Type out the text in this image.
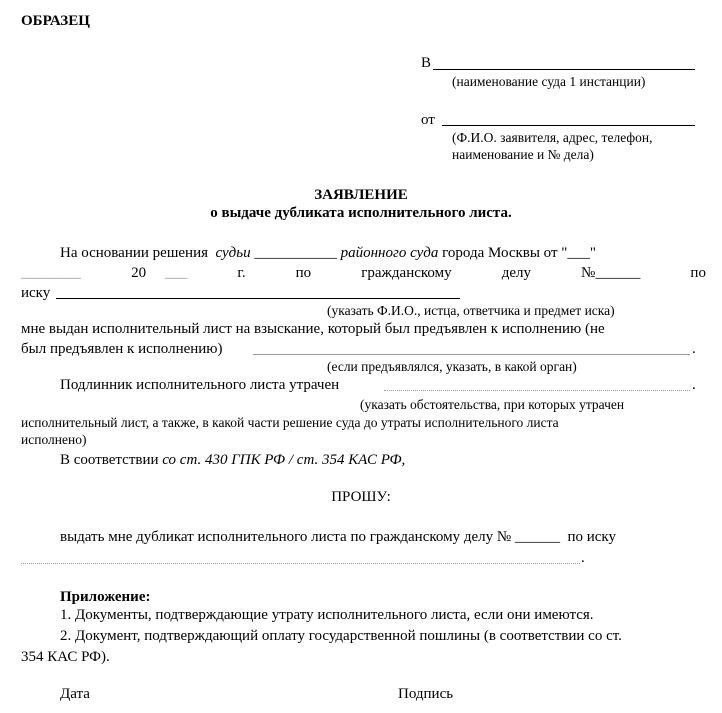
ОБРАЗЕЦ
В
(наименование суда 1 инстанции)
от
(Ф.И.О. заявителя, адрес, телефон,
наименование и № дела)
ЗАЯВЛЕНИЕ
о выдаче дубликата исполнительного листа.
На основании решения судьи ___________ районного суда города Москвы от "___"
________	20 ___	г.	по	гражданскому	делу	№______	по
иску
(указать Ф.И.О., истца, ответчика и предмет иска)
мне выдан исполнительный лист на взыскание, который был предъявлен к исполнению (не
был предъявлен к исполнению)	.
(если предъявлялся, указать, в какой орган)
Подлинник исполнительного листа утрачен	.
(указать обстоятельства, при которых утрачен
исполнительный лист, а также, в какой части решение суда до утраты исполнительного листа
исполнено)
В соответствии со ст. 430 ГПК РФ / ст. 354 КАС РФ,
ПРОШУ:
выдать мне дубликат исполнительного листа по гражданскому делу № ______ по иску
.
Приложение:
1. Документы, подтверждающие утрату исполнительного листа, если они имеются.
2. Документ, подтверждающий оплату государственной пошлины (в соответствии со ст.
354 КАС РФ).
Дата	Подпись
